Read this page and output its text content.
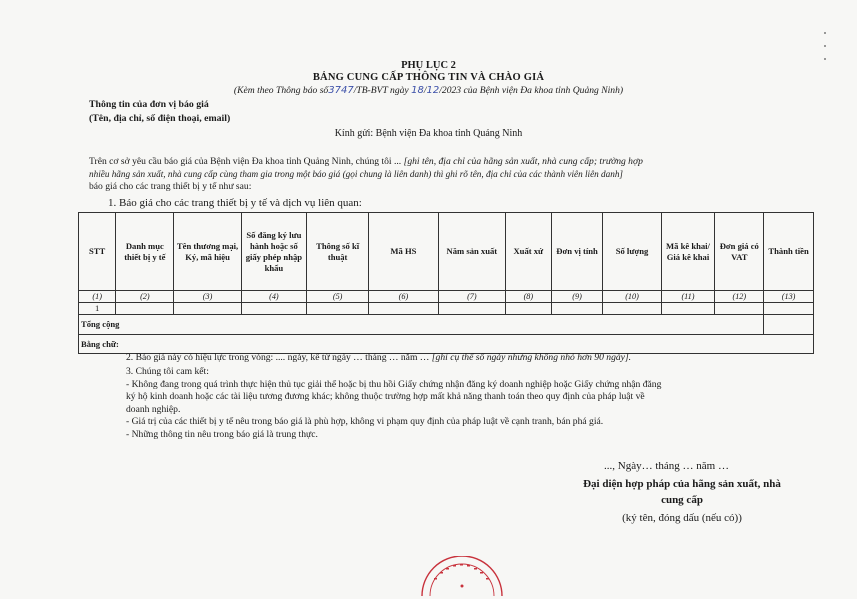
PHỤ LỤC 2
BẢNG CUNG CẤP THÔNG TIN VÀ CHÀO GIÁ
(Kèm theo Thông báo số3747/TB-BVT ngày 18/12/2023 của Bệnh viện Đa khoa tỉnh Quảng Ninh)
Thông tin của đơn vị báo giá
(Tên, địa chỉ, số điện thoại, email)
Kính gửi: Bệnh viện Đa khoa tỉnh Quảng Ninh
Trên cơ sở yêu cầu báo giá của Bệnh viện Đa khoa tỉnh Quảng Ninh, chúng tôi ... [ghi tên, địa chỉ của hãng sản xuất, nhà cung cấp; trường hợp
nhiều hãng sản xuất, nhà cung cấp cùng tham gia trong một báo giá (gọi chung là liên danh) thì ghi rõ tên, địa chỉ của các thành viên liên danh]
báo giá cho các trang thiết bị y tế như sau:
1. Báo giá cho các trang thiết bị y tế và dịch vụ liên quan:
STT	Danh mục thiết bị y tế	Tên thương mại, Ký, mã hiệu	Số đăng ký lưu hành hoặc số giấy phép nhập khẩu	Thông số kĩ thuật	Mã HS	Năm sản xuất	Xuất xứ	Đơn vị tính	Số lượng	Mã kê khai/ Giá kê khai	Đơn giá có VAT	Thành tiền
(1)	(2)	(3)	(4)	(5)	(6)	(7)	(8)	(9)	(10)	(11)	(12)	(13)
1												
Tổng cộng												
Bằng chữ:												
2. Báo giá này có hiệu lực trong vòng: .... ngày, kể từ ngày … tháng … năm … [ghi cụ thể số ngày nhưng không nhỏ hơn 90 ngày].
3. Chúng tôi cam kết:
- Không đang trong quá trình thực hiện thủ tục giải thể hoặc bị thu hồi Giấy chứng nhận đăng ký doanh nghiệp hoặc Giấy chứng nhận đăng
ký hộ kinh doanh hoặc các tài liệu tương đương khác; không thuộc trường hợp mất khả năng thanh toán theo quy định của pháp luật về
doanh nghiệp.
- Giá trị của các thiết bị y tế nêu trong báo giá là phù hợp, không vi phạm quy định của pháp luật về cạnh tranh, bán phá giá.
- Những thông tin nêu trong báo giá là trung thực.
..., Ngày… tháng … năm …
Đại diện hợp pháp của hãng sản xuất, nhà
cung cấp
(ký tên, đóng dấu (nếu có))
